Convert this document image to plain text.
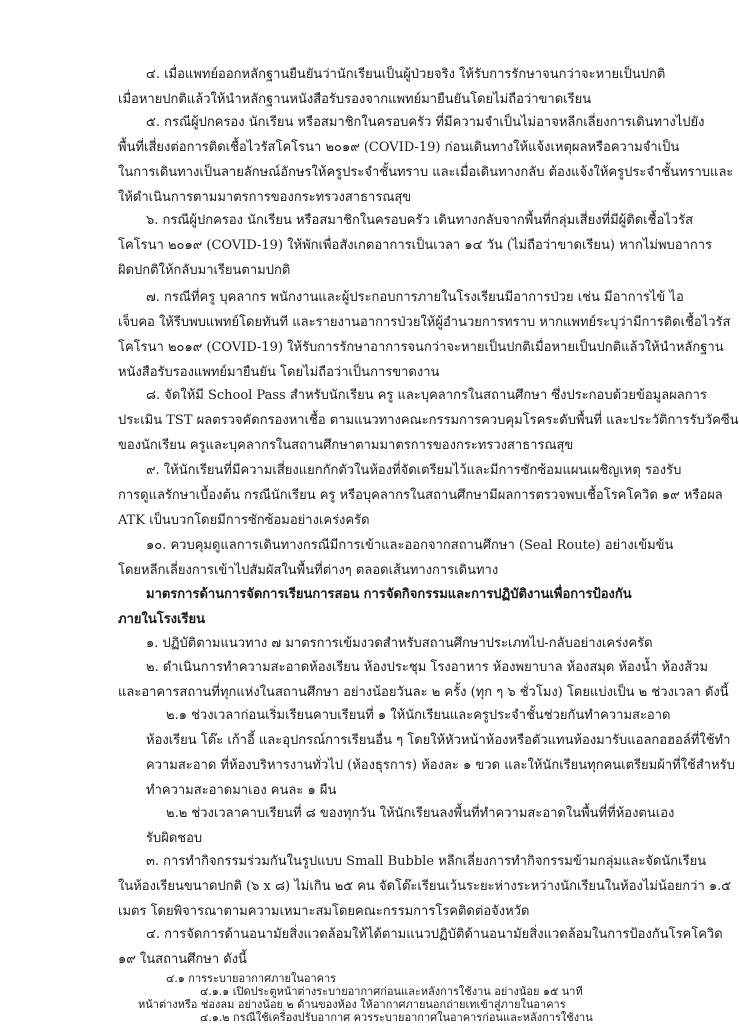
๔. เมื่อแพทย์ออกหลักฐานยืนยันว่านักเรียนเป็นผู้ป่วยจริง ให้รับการรักษาจนกว่าจะหายเป็นปกติ
เมื่อหายปกติแล้วให้นำหลักฐานหนังสือรับรองจากแพทย์มายืนยันโดยไม่ถือว่าขาดเรียน
๕. กรณีผู้ปกครอง นักเรียน หรือสมาชิกในครอบครัว ที่มีความจำเป็นไม่อาจหลีกเลี่ยงการเดินทางไปยัง
พื้นที่เสี่ยงต่อการติดเชื้อไวรัสโคโรนา ๒๐๑๙ (COVID-19) ก่อนเดินทางให้แจ้งเหตุผลหรือความจำเป็น
ในการเดินทางเป็นลายลักษณ์อักษรให้ครูประจำชั้นทราบ และเมื่อเดินทางกลับ ต้องแจ้งให้ครูประจำชั้นทราบและ
ให้ดำเนินการตามมาตรการของกระทรวงสาธารณสุข
๖. กรณีผู้ปกครอง นักเรียน หรือสมาชิกในครอบครัว เดินทางกลับจากพื้นที่กลุ่มเสี่ยงที่มีผู้ติดเชื้อไวรัส
โคโรนา ๒๐๑๙ (COVID-19) ให้พักเพื่อสังเกตอาการเป็นเวลา ๑๔ วัน (ไม่ถือว่าขาดเรียน) หากไม่พบอาการ
ผิดปกติให้กลับมาเรียนตามปกติ
๗. กรณีที่ครู บุคลากร พนักงานและผู้ประกอบการภายในโรงเรียนมีอาการป่วย เช่น มีอาการไข้ ไอ
เจ็บคอ ให้รีบพบแพทย์โดยทันที และรายงานอาการป่วยให้ผู้อำนวยการทราบ หากแพทย์ระบุว่ามีการติดเชื้อไวรัส
โคโรนา ๒๐๑๙ (COVID-19) ให้รับการรักษาอาการจนกว่าจะหายเป็นปกติเมื่อหายเป็นปกติแล้วให้นำหลักฐาน
หนังสือรับรองแพทย์มายืนยัน โดยไม่ถือว่าเป็นการขาดงาน
๘. จัดให้มี School Pass สำหรับนักเรียน ครู และบุคลากรในสถานศึกษา ซึ่งประกอบด้วยข้อมูลผลการ
ประเมิน TST ผลตรวจคัดกรองหาเชื้อ ตามแนวทางคณะกรรมการควบคุมโรคระดับพื้นที่ และประวัติการรับวัคซีน
ของนักเรียน ครูและบุคลากรในสถานศึกษาตามมาตรการของกระทรวงสาธารณสุข
๙. ให้นักเรียนที่มีความเสี่ยงแยกกักตัวในห้องที่จัดเตรียมไว้และมีการซักซ้อมแผนเผชิญเหตุ รองรับ
การดูแลรักษาเบื้องต้น กรณีนักเรียน ครู หรือบุคลากรในสถานศึกษามีผลการตรวจพบเชื้อโรคโควิด ๑๙ หรือผล
ATK เป็นบวกโดยมีการซักซ้อมอย่างเคร่งครัด
๑๐. ควบคุมดูแลการเดินทางกรณีมีการเข้าและออกจากสถานศึกษา (Seal Route) อย่างเข้มข้น
โดยหลีกเลี่ยงการเข้าไปสัมผัสในพื้นที่ต่างๆ ตลอดเส้นทางการเดินทาง
มาตรการด้านการจัดการเรียนการสอน การจัดกิจกรรมและการปฏิบัติงานเพื่อการป้องกัน
ภายในโรงเรียน
๑. ปฏิบัติตามแนวทาง ๗ มาตรการเข้มงวดสำหรับสถานศึกษาประเภทไป-กลับอย่างเคร่งครัด
๒. ดำเนินการทำความสะอาดห้องเรียน ห้องประชุม โรงอาหาร ห้องพยาบาล ห้องสมุด ห้องน้ำ ห้องส้วม
และอาคารสถานที่ทุกแห่งในสถานศึกษา อย่างน้อยวันละ ๒ ครั้ง (ทุก ๆ ๖ ชั่วโมง) โดยแบ่งเป็น ๒ ช่วงเวลา ดังนี้
๒.๑ ช่วงเวลาก่อนเริ่มเรียนคาบเรียนที่ ๑ ให้นักเรียนและครูประจำชั้นช่วยกันทำความสะอาด
ห้องเรียน โต๊ะ เก้าอี้ และอุปกรณ์การเรียนอื่น ๆ โดยให้หัวหน้าห้องหรือตัวแทนห้องมารับแอลกอฮอล์ที่ใช้ทำ
ความสะอาด ที่ห้องบริหารงานทั่วไป (ห้องธุรการ) ห้องละ ๑ ขวด และให้นักเรียนทุกคนเตรียมผ้าที่ใช้สำหรับ
ทำความสะอาดมาเอง คนละ ๑ ผืน
๒.๒ ช่วงเวลาคาบเรียนที่ ๘ ของทุกวัน ให้นักเรียนลงพื้นที่ทำความสะอาดในพื้นที่ที่ห้องตนเอง
รับผิดชอบ
๓. การทำกิจกรรมร่วมกันในรูปแบบ Small Bubble หลีกเลี่ยงการทำกิจกรรมข้ามกลุ่มและจัดนักเรียน
ในห้องเรียนขนาดปกติ (๖ x ๘) ไม่เกิน ๒๕ คน จัดโต๊ะเรียนเว้นระยะห่างระหว่างนักเรียนในห้องไม่น้อยกว่า ๑.๕
เมตร โดยพิจารณาตามความเหมาะสมโดยคณะกรรมการโรคติดต่อจังหวัด
๔. การจัดการด้านอนามัยสิ่งแวดล้อมให้ได้ตามแนวปฏิบัติด้านอนามัยสิ่งแวดล้อมในการป้องกันโรคโควิด
๑๙ ในสถานศึกษา ดังนี้
๔.๑ การระบายอากาศภายในอาคาร
๔.๑.๑ เปิดประตูหน้าต่างระบายอากาศก่อนและหลังการใช้งาน อย่างน้อย ๑๕ นาที
หน้าต่างหรือ ช่องลม อย่างน้อย ๒ ด้านของห้อง ให้อากาศภายนอกถ่ายเทเข้าสู่ภายในอาคาร
๔.๑.๒ กรณีใช้เครื่องปรับอากาศ ควรระบายอากาศในอาคารก่อนและหลังการใช้งาน
